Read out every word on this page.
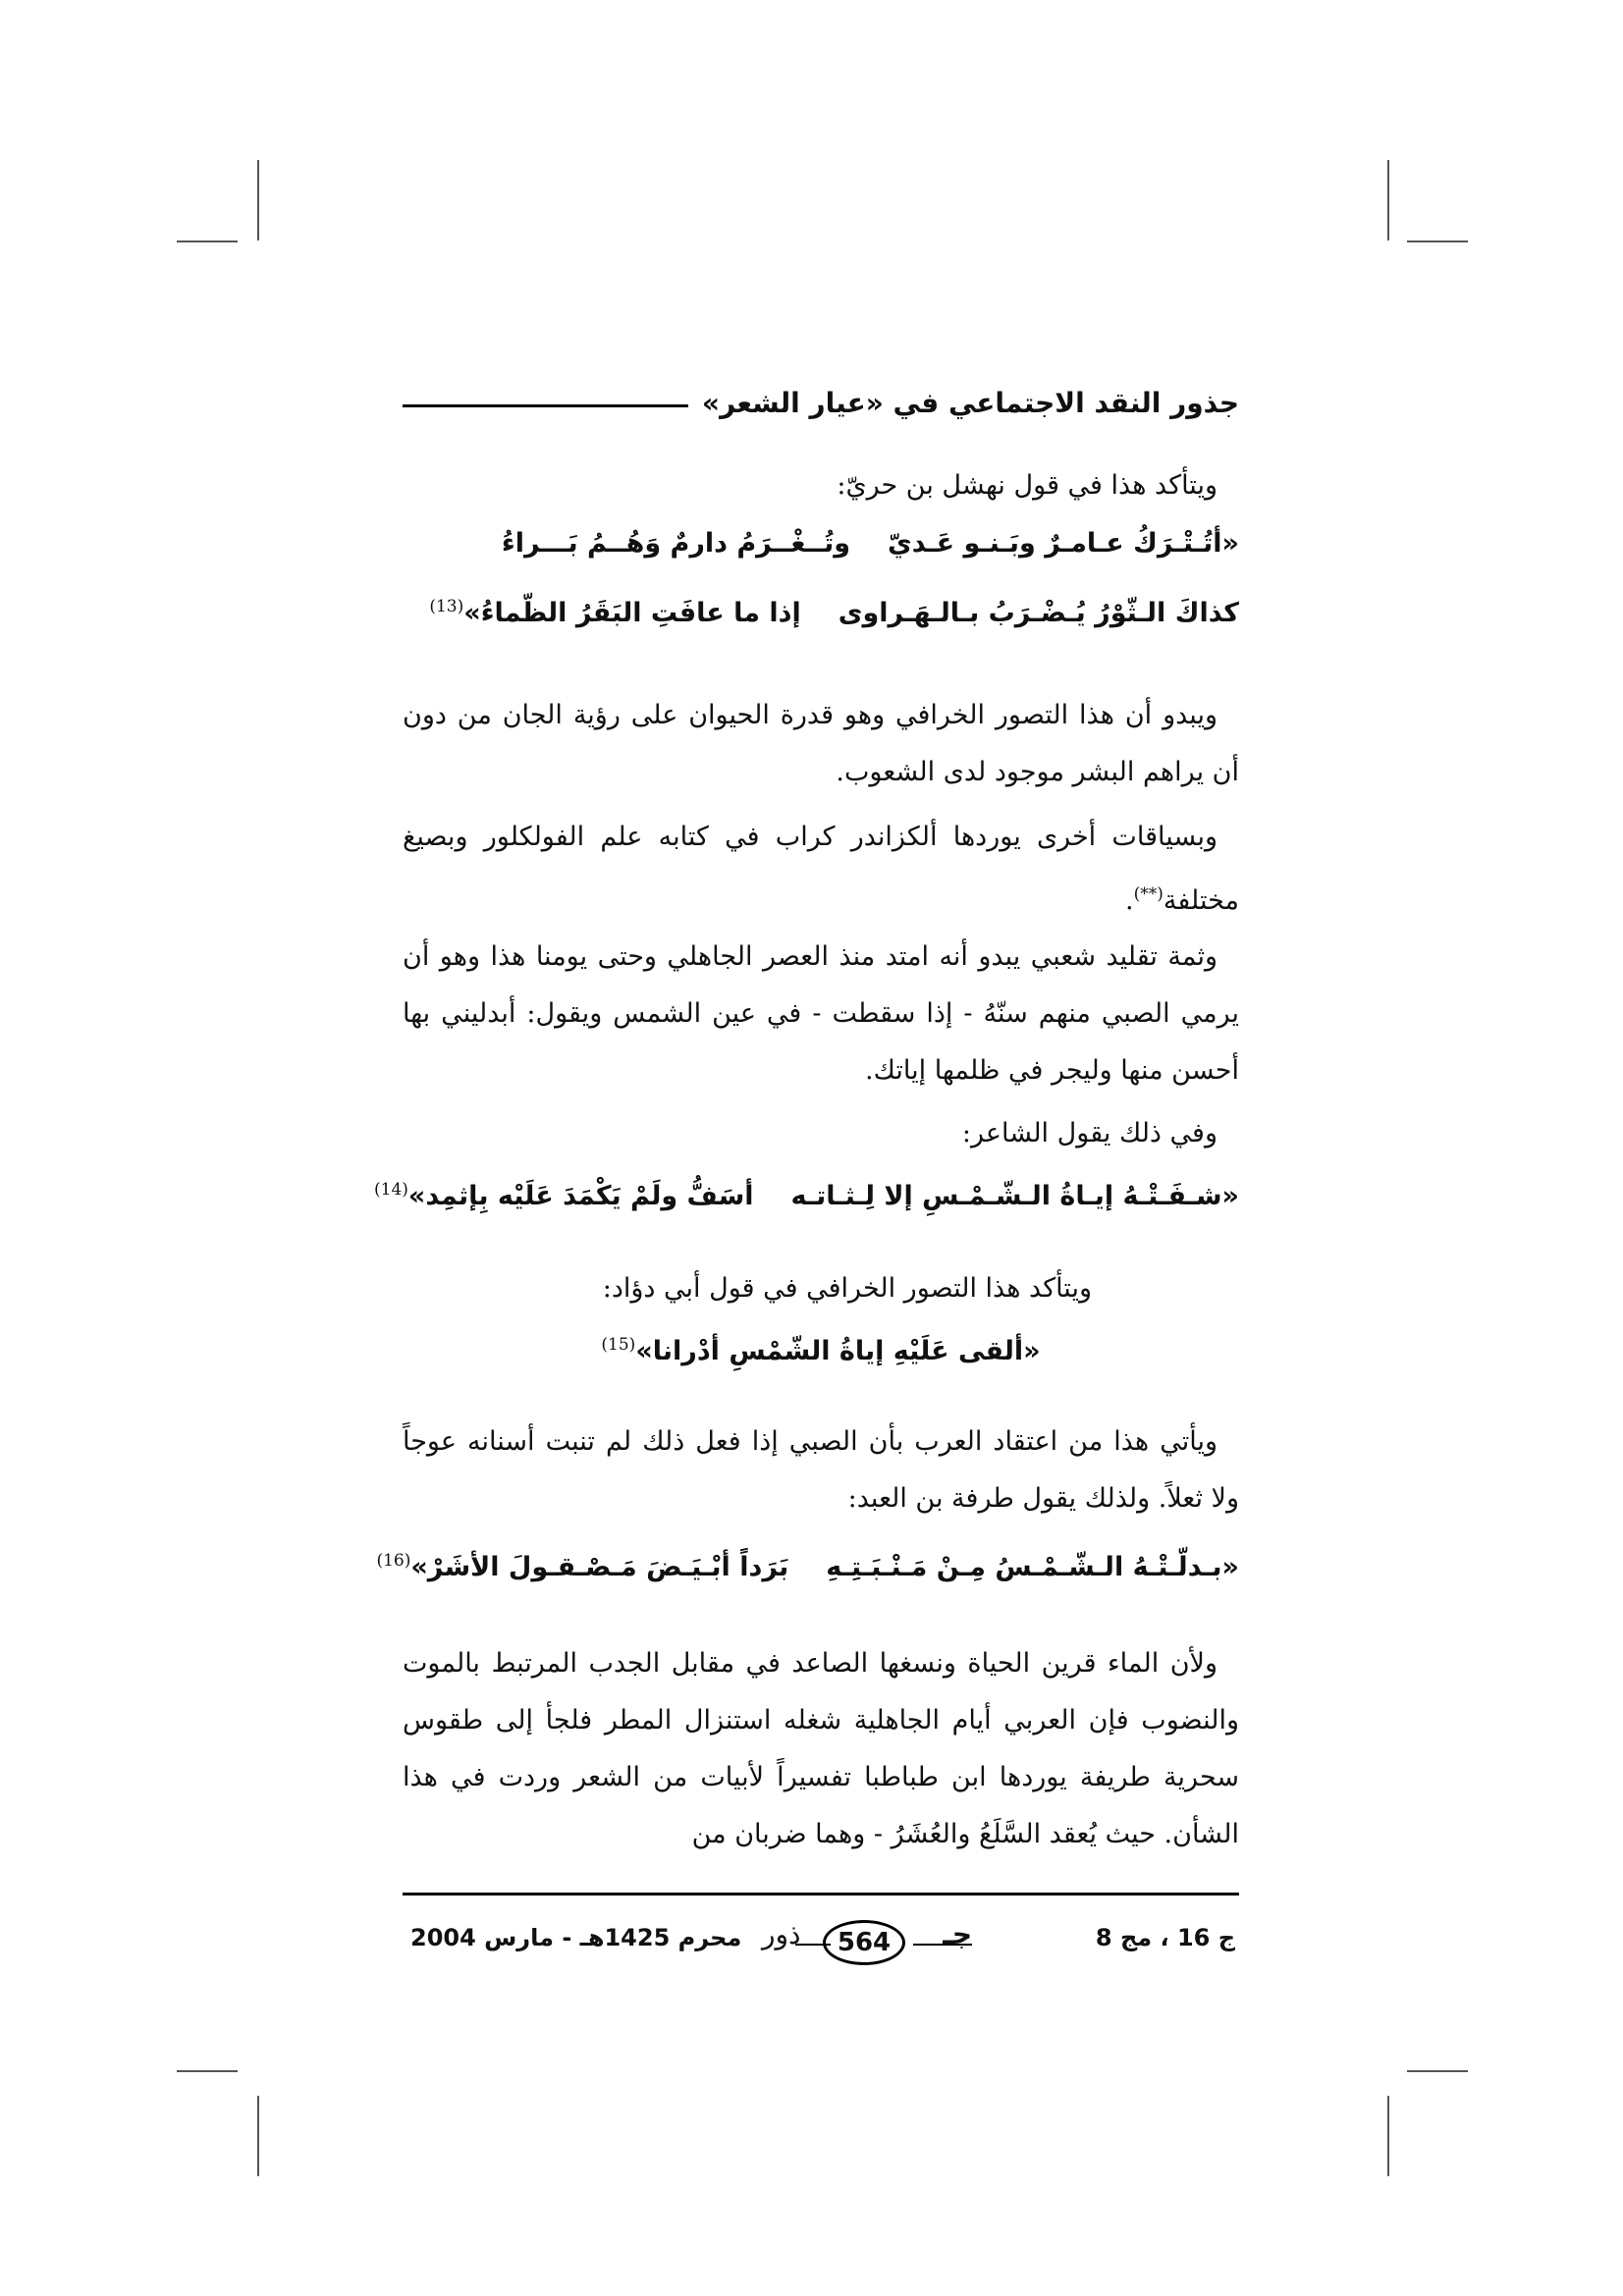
جذور النقد الاجتماعي في «عيار الشعر»

ويتأكد هذا في قول نهشل بن حريّ:

«أتُـتْـرَكُ عـامـرٌ وبَـنـو عَـديّوتُــغْــرَمُ دارمٌ وَهُــمُ بَـــراءُ
كذاكَ الـثّوْرُ يُـضْـرَبُ بـالـهَـراوىإذا ما عافَتِ البَقَرُ الظّماءُ»$^{(13)}$

ويبدو أن هذا التصور الخرافي وهو قدرة الحيوان على رؤية الجان من دون أن يراهم البشر موجود لدى الشعوب.

وبسياقات أخرى يوردها ألكزاندر كراب في كتابه علم الفولكلور وبصيغ مختلفة(**).

وثمة تقليد شعبي يبدو أنه امتد منذ العصر الجاهلي وحتى يومنا هذا وهو أن يرمي الصبي منهم سنّهُ - إذا سقطت - في عين الشمس ويقول: أبدليني بها أحسن منها وليجر في ظلمها إياتك.

وفي ذلك يقول الشاعر:

«شـفَـتْـهُ إيـاةُ الـشّـمْـسِ إلا لِـثـاتـهأسَفُّ ولَمْ يَكْمَدَ عَلَيْه بِإثمِد»$^{(14)}$

ويتأكد هذا التصور الخرافي في قول أبي دؤاد:

«ألقى عَلَيْهِ إياةُ الشّمْسِ أدْرانا»$^{(15)}$

ويأتي هذا من اعتقاد العرب بأن الصبي إذا فعل ذلك لم تنبت أسنانه عوجاً ولا ثعلاً. ولذلك يقول طرفة بن العبد:

«بـدلّـتْـهُ الـشّـمْـسُ مِـنْ مَـنْـبَـتِـهِبَرَداً أبْـيَـضَ مَـصْـقـولَ الأشَرْ»$^{(16)}$

ولأن الماء قرين الحياة ونسغها الصاعد في مقابل الجدب المرتبط بالموت والنضوب فإن العربي أيام الجاهلية شغله استنزال المطر فلجأ إلى طقوس سحرية طريفة يوردها ابن طباطبا تفسيراً لأبيات من الشعر وردت في هذا الشأن. حيث يُعقد السَّلَعُ والعُشَرُ - وهما ضربان من

ج 16 ، مج 8
جـ
564
ذور
محرم 1425هـ - مارس 2004
